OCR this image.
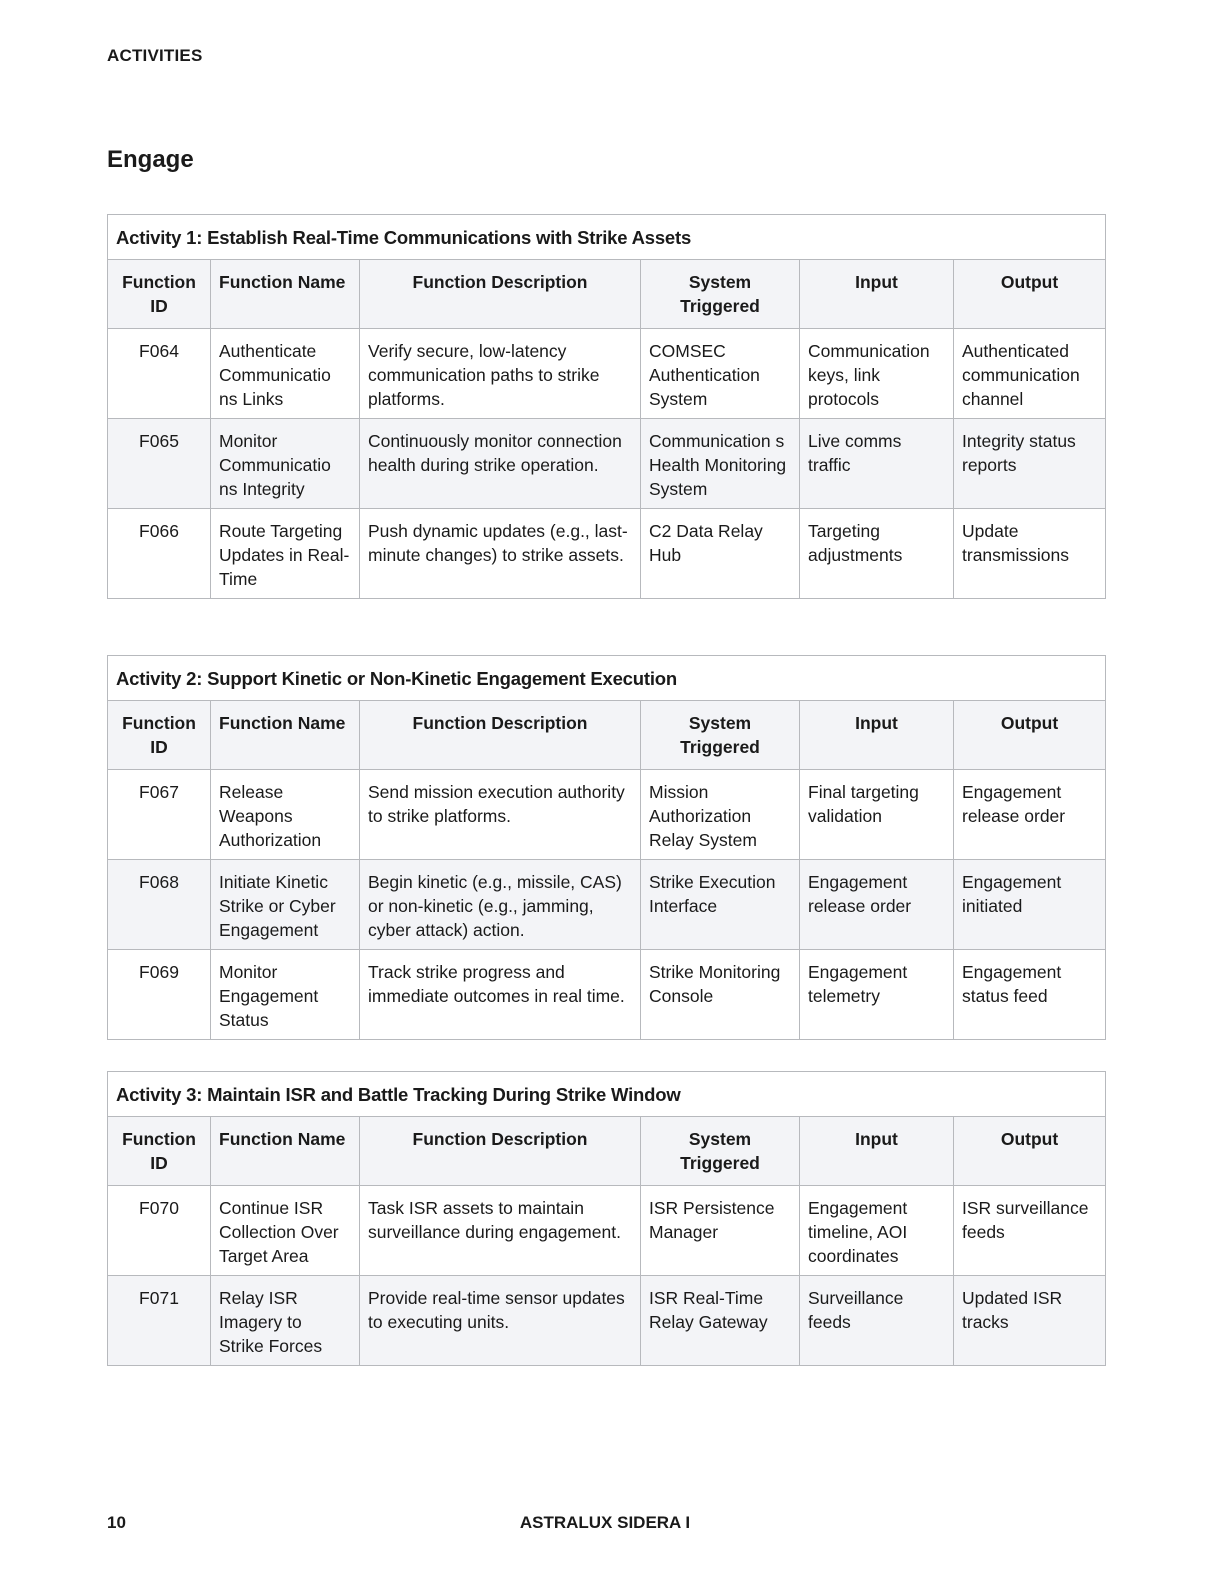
ACTIVITIES
Engage
Activity 1: Establish Real-Time Communications with Strike Assets					
Function ID	Function Name	Function Description	System Triggered	Input	Output
F064	Authenticate Communicatio ns Links	Verify secure, low-latency communication paths to strike platforms.	COMSEC Authentication System	Communication keys, link protocols	Authenticated communication channel
F065	Monitor Communicatio ns Integrity	Continuously monitor connection health during strike operation.	Communication s Health Monitoring System	Live comms traffic	Integrity status reports
F066	Route Targeting Updates in Real-Time	Push dynamic updates (e.g., last-minute changes) to strike assets.	C2 Data Relay Hub	Targeting adjustments	Update transmissions
Activity 2: Support Kinetic or Non-Kinetic Engagement Execution					
Function ID	Function Name	Function Description	System Triggered	Input	Output
F067	Release Weapons Authorization	Send mission execution authority to strike platforms.	Mission Authorization Relay System	Final targeting validation	Engagement release order
F068	Initiate Kinetic Strike or Cyber Engagement	Begin kinetic (e.g., missile, CAS) or non-kinetic (e.g., jamming, cyber attack) action.	Strike Execution Interface	Engagement release order	Engagement initiated
F069	Monitor Engagement Status	Track strike progress and immediate outcomes in real time.	Strike Monitoring Console	Engagement telemetry	Engagement status feed
Activity 3: Maintain ISR and Battle Tracking During Strike Window					
Function ID	Function Name	Function Description	System Triggered	Input	Output
F070	Continue ISR Collection Over Target Area	Task ISR assets to maintain surveillance during engagement.	ISR Persistence Manager	Engagement timeline, AOI coordinates	ISR surveillance feeds
F071	Relay ISR Imagery to Strike Forces	Provide real-time sensor updates to executing units.	ISR Real-Time Relay Gateway	Surveillance feeds	Updated ISR tracks
10	ASTRALUX SIDERA I
